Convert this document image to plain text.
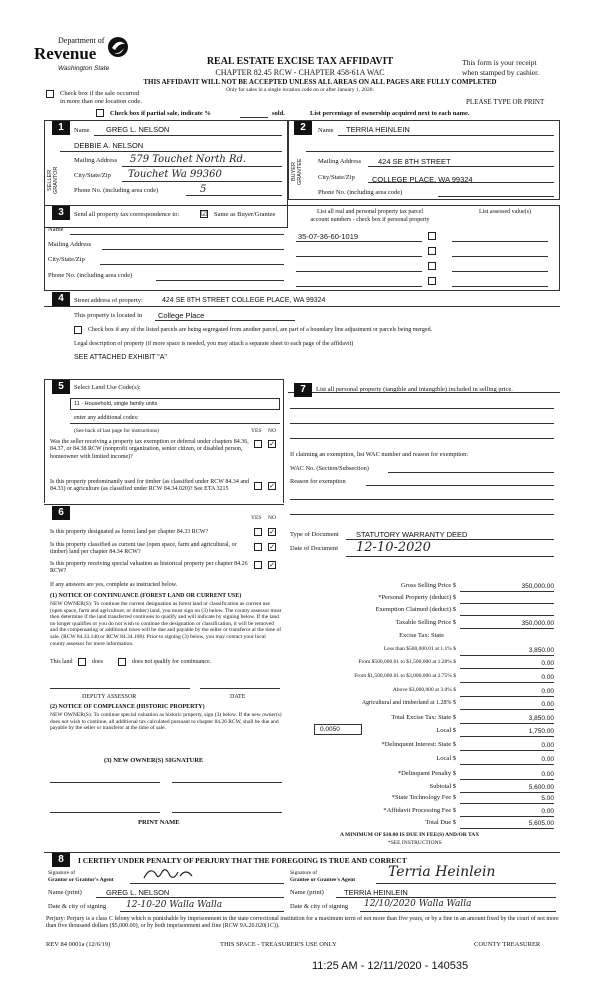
Department of
Revenue
Washington State
REAL ESTATE EXCISE TAX AFFIDAVIT
CHAPTER 82.45 RCW - CHAPTER 458-61A WAC
THIS AFFIDAVIT WILL NOT BE ACCEPTED UNLESS ALL AREAS ON ALL PAGES ARE FULLY COMPLETED
Only for sales in a single location code on or after January 1, 2020.
This form is your receipt
when stamped by cashier.
Check box if the sale occurred
in more than one location code.	PLEASE TYPE OR PRINT
Check box if partial sale, indicate %	sold.	List percentage of ownership acquired next to each name.
1
SELLER GRANTOR
Name GREG L. NELSON
DEBBIE A. NELSON
Mailing Address 579 Touchet North Rd.
City/State/Zip Touchet Wa 99360
Phone No. (including area code)	5
2
BUYER GRANTEE
Name TERRIA HEINLEIN
Mailing Address 424 SE 8TH STREET
City/State/Zip COLLEGE PLACE, WA 99324
Phone No. (including area code)
3	Send all property tax correspondence to:	☑ Same as Buyer/Grantee
Name
Mailing Address
City/State/Zip
Phone No. (including area code)
List all real and personal property tax parcel
account numbers - check box if personal property
List assessed value(s)
35-07-36-60-1019
4	Street address of property:	424 SE 8TH STREET COLLEGE PLACE, WA 99324
This property is located in College Place
Check box if any of the listed parcels are being segregated from another parcel, are part of a boundary line adjustment or parcels being merged.
Legal description of property (if more space is needed, you may attach a separate sheet to each page of the affidavit)
SEE ATTACHED EXHIBIT "A"
5	Select Land Use Code(s):
11 - Household, single family units
enter any additional codes:
(See back of last page for instructions)	YES NO
Was the seller receiving a property tax exemption or deferral under chapters 84.36, 84.37, or 84.38 RCW (nonprofit organization, senior citizen, or disabled person, homeowner with limited income)?
✓
Is this property predominantly used for timber (as classified under RCW 84.34 and 84.33) or agriculture (as classified under RCW 84.34.020)? See ETA 3215	✓
6	YES NO
Is this property designated as forest land per chapter 84.33 RCW?	✓
Is this property classified as current use (open space, farm and agricultural, or timber) land per chapter 84.34 RCW?
✓
Is this property receiving special valuation as historical property per chapter 84.26 RCW?
✓
If any answers are yes, complete as instructed below.
(1) NOTICE OF CONTINUANCE (FOREST LAND OR CURRENT USE)
NEW OWNER(S): To continue the current designation as forest land or classification as current use (open space, farm and agriculture, or timber) land, you must sign on (3) below. The county assessor must then determine if the land transferred continues to qualify and will indicate by signing below. If the land no longer qualifies or you do not wish to continue the designation or classification, it will be removed and the compensating or additional taxes will be due and payable by the seller or transferor at the time of sale. (RCW 84.33.140 or RCW 84.34.108). Prior to signing (3) below, you may contact your local county assessor for more information.
This land	does	does not qualify for continuance.
DEPUTY ASSESSOR	DATE
(2) NOTICE OF COMPLIANCE (HISTORIC PROPERTY)
NEW OWNER(S): To continue special valuation as historic property, sign (3) below. If the new owner(s) does not wish to continue, all additional tax calculated pursuant to chapter 84.26 RCW, shall be due and payable by the seller or transferor at the time of sale.
(3) NEW OWNER(S) SIGNATURE
PRINT NAME
7	List all personal property (tangible and intangible) included in selling price.
If claiming an exemption, list WAC number and reason for exemption:
WAC No. (Section/Subsection)
Reason for exemption
Type of Document STATUTORY WARRANTY DEED
Date of Document 12-10-2020
Gross Selling Price $	350,000.00
*Personal Property (deduct) $
Exemption Claimed (deduct) $
Taxable Selling Price $	350,000.00
Excise Tax: State
Less than $500,000.01 at 1.1% $	3,850.00
From $500,000.01 to $1,500,000 at 1.28% $	0.00
From $1,500,000.01 to $3,000,000 at 2.75% $	0.00
Above $3,000,000 at 3.0% $	0.00
Agricultural and timberland at 1.28% $	0.00
Total Excise Tax: State $	3,850.00
0.0050	Local $	1,750.00
*Delinquent Interest: State $	0.00
Local $	0.00
*Delinquent Penalty $	0.00
Subtotal $	5,600.00
*State Technology Fee $	5.00
*Affidavit Processing Fee $	0.00
Total Due $	5,605.00
A MINIMUM OF $10.00 IS DUE IN FEE(S) AND/OR TAX
*SEE INSTRUCTIONS
8	I CERTIFY UNDER PENALTY OF PERJURY THAT THE FOREGOING IS TRUE AND CORRECT
Signature of
Grantor or Grantor's Agent
Name (print)	GREG L. NELSON
Date & city of signing 12-10-20 Walla Walla
Signature of
Grantee or Grantee's Agent Terria Heinlein
Name (print)	TERRIA HEINLEIN
Date & city of signing 12/10/2020 Walla Walla
Perjury: Perjury is a class C felony which is punishable by imprisonment in the state correctional institution for a maximum term of not more than five years, or by a fine in an amount fixed by the court of not more than five thousand dollars ($5,000.00), or by both imprisonment and fine (RCW 9A.20.020(1C)).
REV 84 0001a (12/6/19)	THIS SPACE - TREASURER'S USE ONLY	COUNTY TREASURER
11:25 AM - 12/11/2020 - 140535
